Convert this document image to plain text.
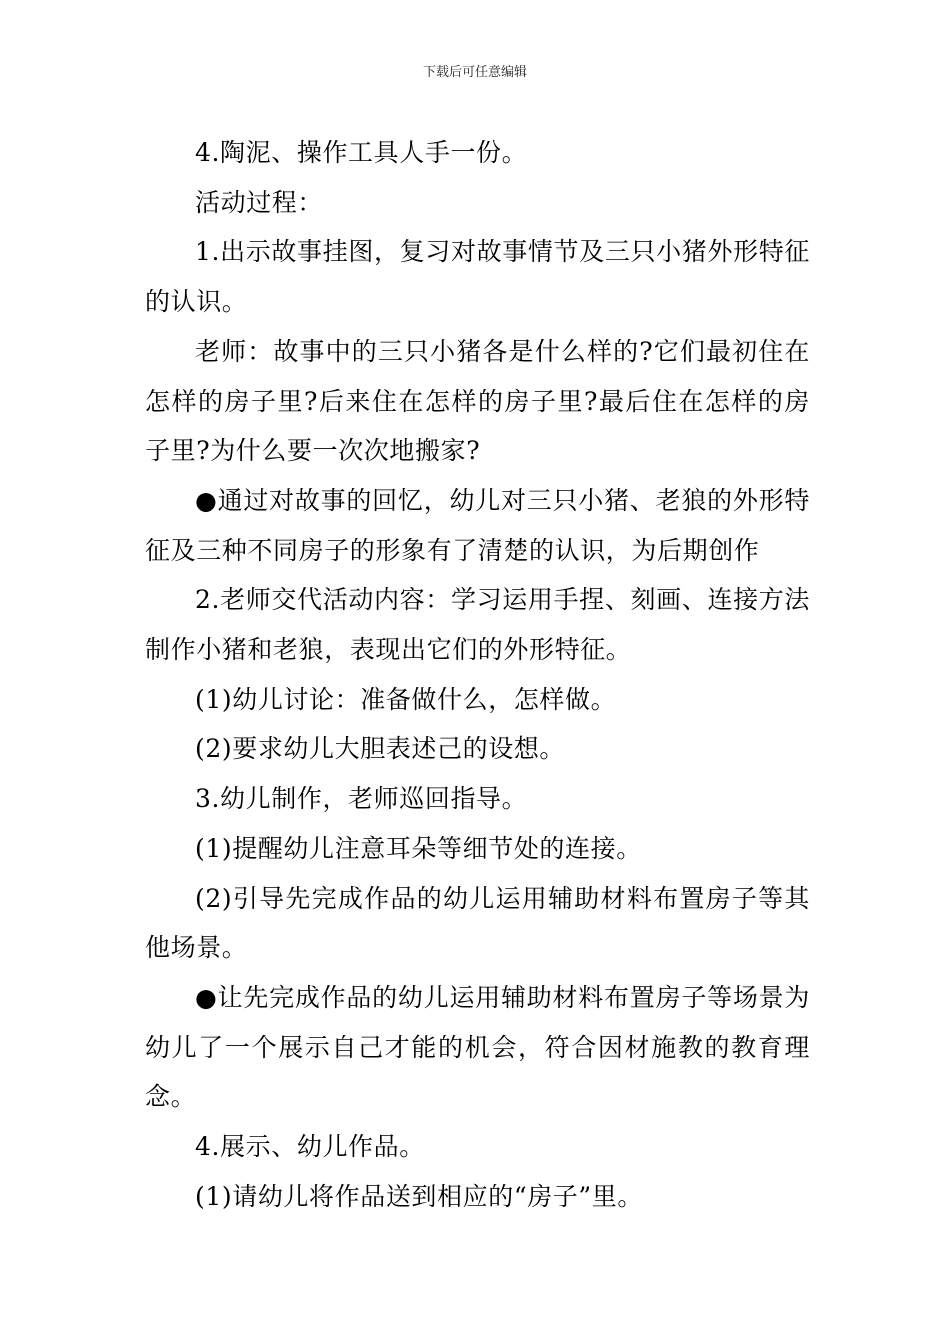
下载后可任意编辑

4.陶泥、操作工具人手一份。

活动过程：

1.出示故事挂图，复习对故事情节及三只小猪外形特征的认识。

老师：故事中的三只小猪各是什么样的?它们最初住在怎样的房子里?后来住在怎样的房子里?最后住在怎样的房子里?为什么要一次次地搬家?

●通过对故事的回忆，幼儿对三只小猪、老狼的外形特征及三种不同房子的形象有了清楚的认识，为后期创作

2.老师交代活动内容：学习运用手捏、刻画、连接方法制作小猪和老狼，表现出它们的外形特征。

(1)幼儿讨论：准备做什么，怎样做。

(2)要求幼儿大胆表述己的设想。

3.幼儿制作，老师巡回指导。

(1)提醒幼儿注意耳朵等细节处的连接。

(2)引导先完成作品的幼儿运用辅助材料布置房子等其他场景。

●让先完成作品的幼儿运用辅助材料布置房子等场景为幼儿了一个展示自己才能的机会，符合因材施教的教育理念。

4.展示、幼儿作品。

(1)请幼儿将作品送到相应的“房子”里。
